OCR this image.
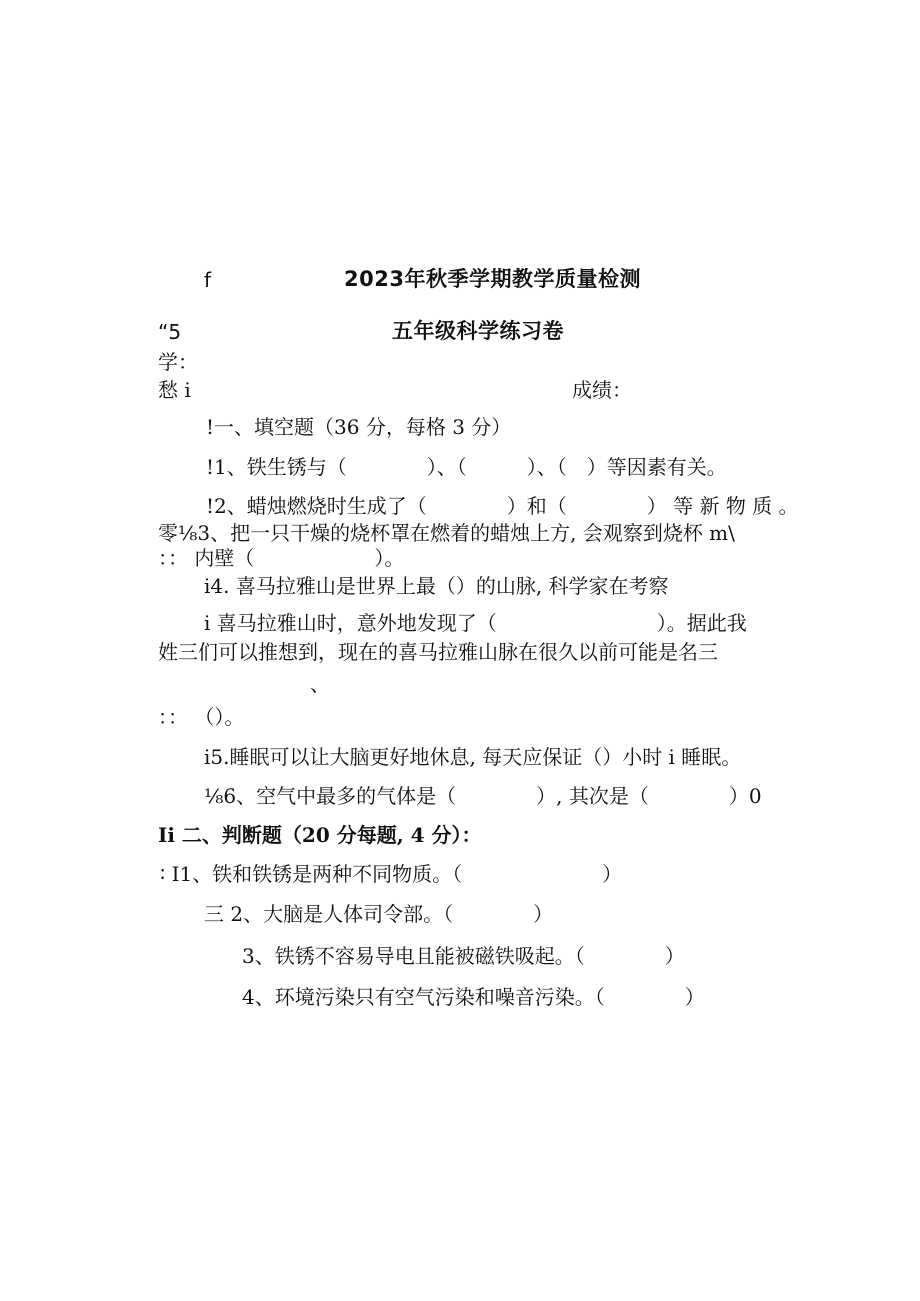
f	2023年秋季学期教学质量检测
“5	五年级科学练习卷
学：
愁 i	成绩：
!一、填空题（36 分，每格 3 分）
!1、铁生锈与（　　　　）、（　　　）、（　）等因素有关。
!2、蜡烛燃烧时生成了（　　　　）和（　　　　） 等 新 物 质 。
零⅛3、把一只干燥的烧杯罩在燃着的蜡烛上方, 会观察到烧杯 m\
：： 内壁（　　　　　　）。
i4. 喜马拉雅山是世界上最（）的山脉, 科学家在考察
i 喜马拉雅山时，意外地发现了（　　　　　　　　）。据此我
姓三们可以推想到，现在的喜马拉雅山脉在很久以前可能是名三
、
：： （）。
i5.睡眠可以让大脑更好地休息, 每天应保证（）小时 i 睡眠。
⅛6、空气中最多的气体是（　　　　）, 其次是（　　　　）0
Ii 二、判断题（20 分每题, 4 分）：
∶ I1、铁和铁锈是两种不同物质。（　　　　　　　）
三 2、大脑是人体司令部。（　　　　）
3、铁锈不容易导电且能被磁铁吸起。（　　　　）
4、环境污染只有空气污染和噪音污染。（　　　　）
